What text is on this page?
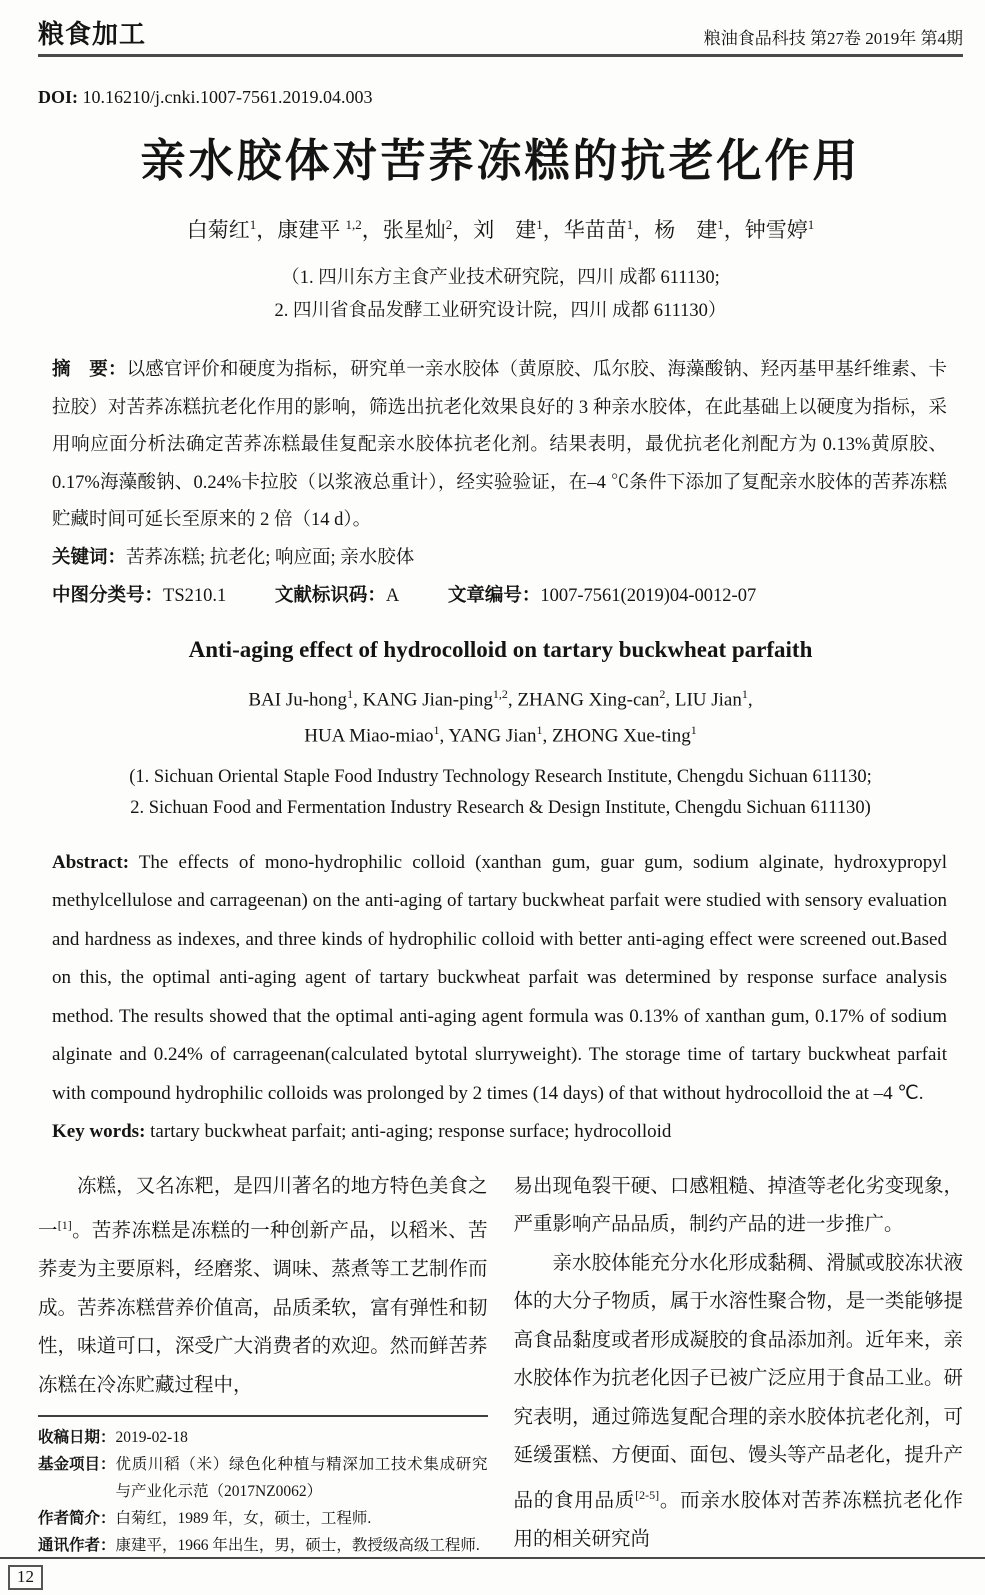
粮食加工	粮油食品科技 第27卷 2019年 第4期
DOI: 10.16210/j.cnki.1007-7561.2019.04.003
亲水胶体对苦荞冻糕的抗老化作用
白菊红$^1$，康建平 $^{1,2}$，张星灿$^2$，刘　建$^1$，华苗苗$^1$，杨　建$^1$，钟雪婷$^1$
（1. 四川东方主食产业技术研究院，四川 成都 611130;
2. 四川省食品发酵工业研究设计院，四川 成都 611130）
摘　要：以感官评价和硬度为指标，研究单一亲水胶体（黄原胶、瓜尔胶、海藻酸钠、羟丙基甲基纤维素、卡拉胶）对苦荞冻糕抗老化作用的影响，筛选出抗老化效果良好的 3 种亲水胶体，在此基础上以硬度为指标，采用响应面分析法确定苦荞冻糕最佳复配亲水胶体抗老化剂。结果表明，最优抗老化剂配方为 0.13%黄原胶、0.17%海藻酸钠、0.24%卡拉胶（以浆液总重计），经实验验证，在–4 ℃条件下添加了复配亲水胶体的苦荞冻糕贮藏时间可延长至原来的 2 倍（14 d）。
关键词：苦荞冻糕; 抗老化; 响应面; 亲水胶体
中图分类号：TS210.1	文献标识码：A	文章编号：1007-7561(2019)04-0012-07
Anti-aging effect of hydrocolloid on tartary buckwheat parfaith
BAI Ju-hong$^1$, KANG Jian-ping$^{1,2}$, ZHANG Xing-can$^2$, LIU Jian$^1$,
HUA Miao-miao$^1$, YANG Jian$^1$, ZHONG Xue-ting$^1$
(1. Sichuan Oriental Staple Food Industry Technology Research Institute, Chengdu Sichuan 611130;
2. Sichuan Food and Fermentation Industry Research & Design Institute, Chengdu Sichuan 611130)
Abstract: The effects of mono-hydrophilic colloid (xanthan gum, guar gum, sodium alginate, hydroxypropyl methylcellulose and carrageenan) on the anti-aging of tartary buckwheat parfait were studied with sensory evaluation and hardness as indexes, and three kinds of hydrophilic colloid with better anti-aging effect were screened out.Based on this, the optimal anti-aging agent of tartary buckwheat parfait was determined by response surface analysis method. The results showed that the optimal anti-aging agent formula was 0.13% of xanthan gum, 0.17% of sodium alginate and 0.24% of carrageenan(calculated bytotal slurryweight). The storage time of tartary buckwheat parfait with compound hydrophilic colloids was prolonged by 2 times (14 days) of that without hydrocolloid the at –4 ℃.
Key words: tartary buckwheat parfait; anti-aging; response surface; hydrocolloid

冻糕，又名冻粑，是四川著名的地方特色美食之一[1]。苦荞冻糕是冻糕的一种创新产品，以稻米、苦荞麦为主要原料，经磨浆、调味、蒸煮等工艺制作而成。苦荞冻糕营养价值高，品质柔软，富有弹性和韧性，味道可口，深受广大消费者的欢迎。然而鲜苦荞冻糕在冷冻贮藏过程中，

收稿日期： 2019-02-18
基金项目： 优质川稻（米）绿色化种植与精深加工技术集成研究与产业化示范（2017NZ0062）
作者简介： 白菊红，1989 年，女，硕士，工程师.
通讯作者： 康建平，1966 年出生，男，硕士，教授级高级工程师.

易出现龟裂干硬、口感粗糙、掉渣等老化劣变现象，严重影响产品品质，制约产品的进一步推广。

亲水胶体能充分水化形成黏稠、滑腻或胶冻状液体的大分子物质，属于水溶性聚合物，是一类能够提高食品黏度或者形成凝胶的食品添加剂。近年来，亲水胶体作为抗老化因子已被广泛应用于食品工业。研究表明，通过筛选复配合理的亲水胶体抗老化剂，可延缓蛋糕、方便面、面包、馒头等产品老化，提升产品的食用品质[2-5]。而亲水胶体对苦荞冻糕抗老化作用的相关研究尚

12
